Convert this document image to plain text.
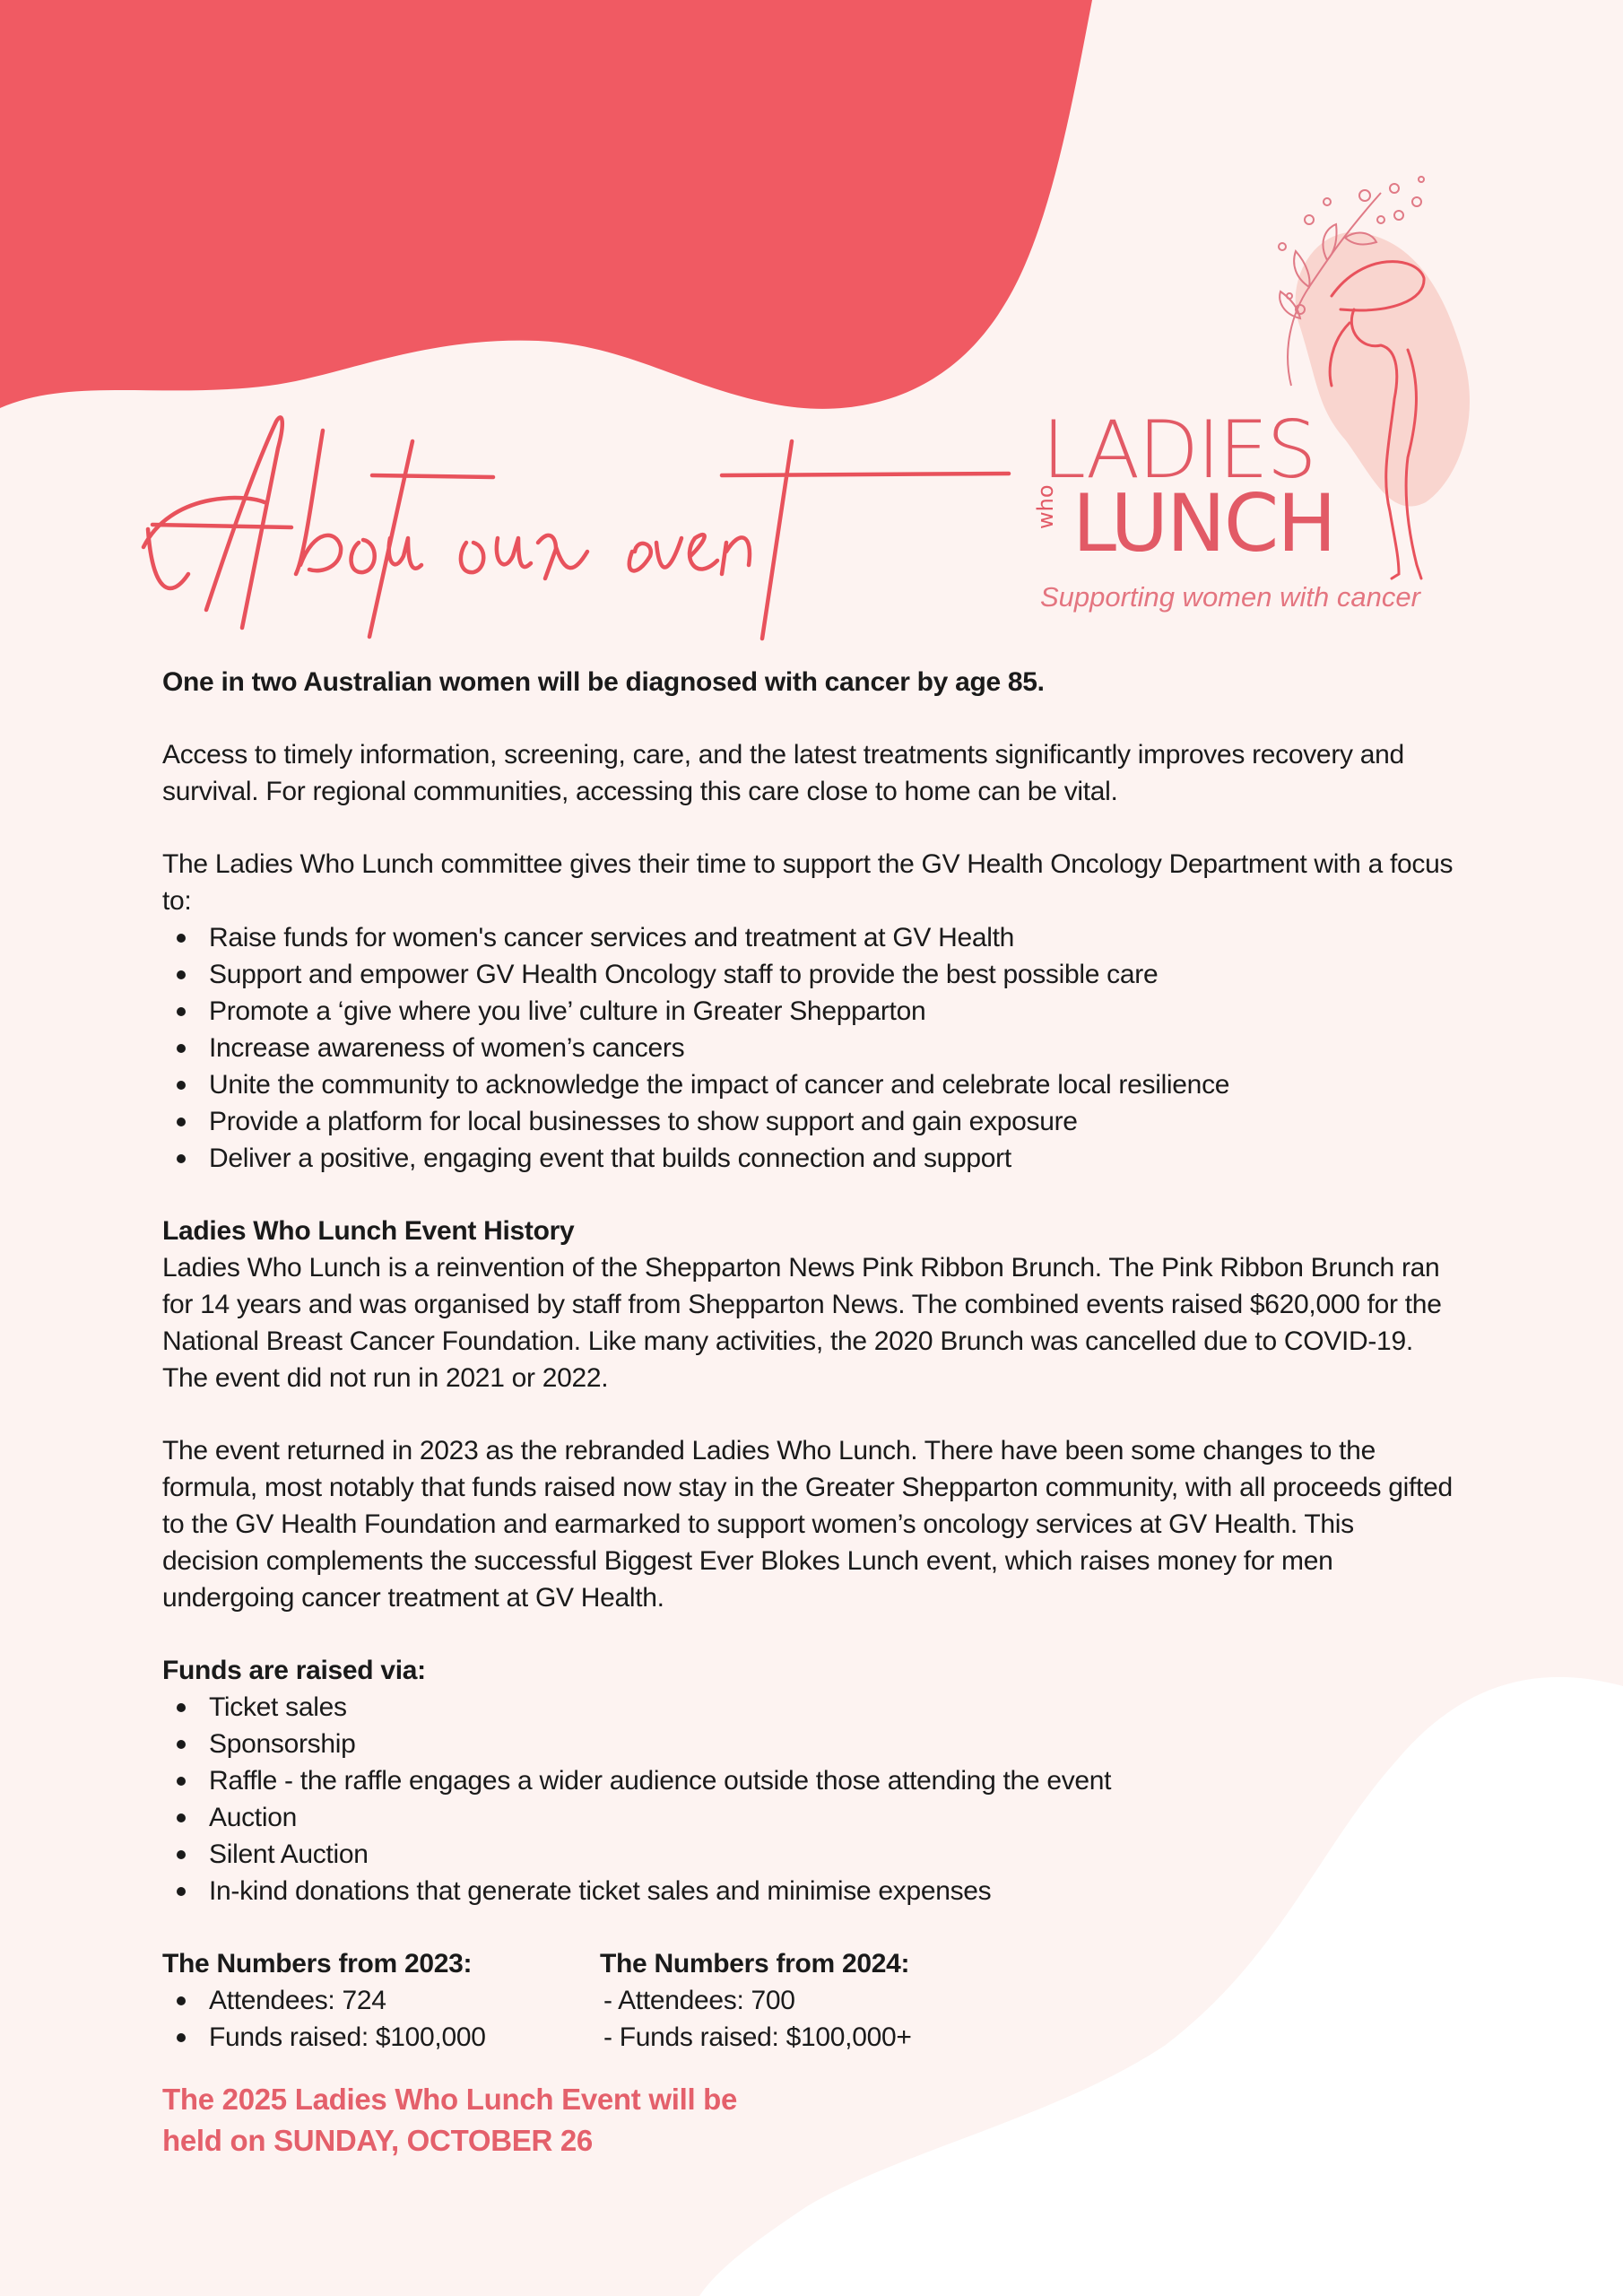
LADIES
who LUNCH
Supporting women with cancer

One in two Australian women will be diagnosed with cancer by age 85.

Access to timely information, screening, care, and the latest treatments significantly improves recovery and survival. For regional communities, accessing this care close to home can be vital.

The Ladies Who Lunch committee gives their time to support the GV Health Oncology Department with a focus to:

Raise funds for women's cancer services and treatment at GV Health
Support and empower GV Health Oncology staff to provide the best possible care
Promote a ‘give where you live’ culture in Greater Shepparton
Increase awareness of women’s cancers
Unite the community to acknowledge the impact of cancer and celebrate local resilience
Provide a platform for local businesses to show support and gain exposure
Deliver a positive, engaging event that builds connection and support

Ladies Who Lunch Event History

Ladies Who Lunch is a reinvention of the Shepparton News Pink Ribbon Brunch. The Pink Ribbon Brunch ran for 14 years and was organised by staff from Shepparton News. The combined events raised $620,000 for the National Breast Cancer Foundation. Like many activities, the 2020 Brunch was cancelled due to COVID-19. The event did not run in 2021 or 2022.

The event returned in 2023 as the rebranded Ladies Who Lunch. There have been some changes to the formula, most notably that funds raised now stay in the Greater Shepparton community, with all proceeds gifted to the GV Health Foundation and earmarked to support women’s oncology services at GV Health. This decision complements the successful Biggest Ever Blokes Lunch event, which raises money for men undergoing cancer treatment at GV Health.

Funds are raised via:

Ticket sales
Sponsorship
Raffle - the raffle engages a wider audience outside those attending the event
Auction
Silent Auction
In-kind donations that generate ticket sales and minimise expenses

The Numbers from 2023:

Attendees: 724
Funds raised: $100,000

The Numbers from 2024:

- Attendees: 700
- Funds raised: $100,000+
The 2025 Ladies Who Lunch Event will be
held on SUNDAY, OCTOBER 26
